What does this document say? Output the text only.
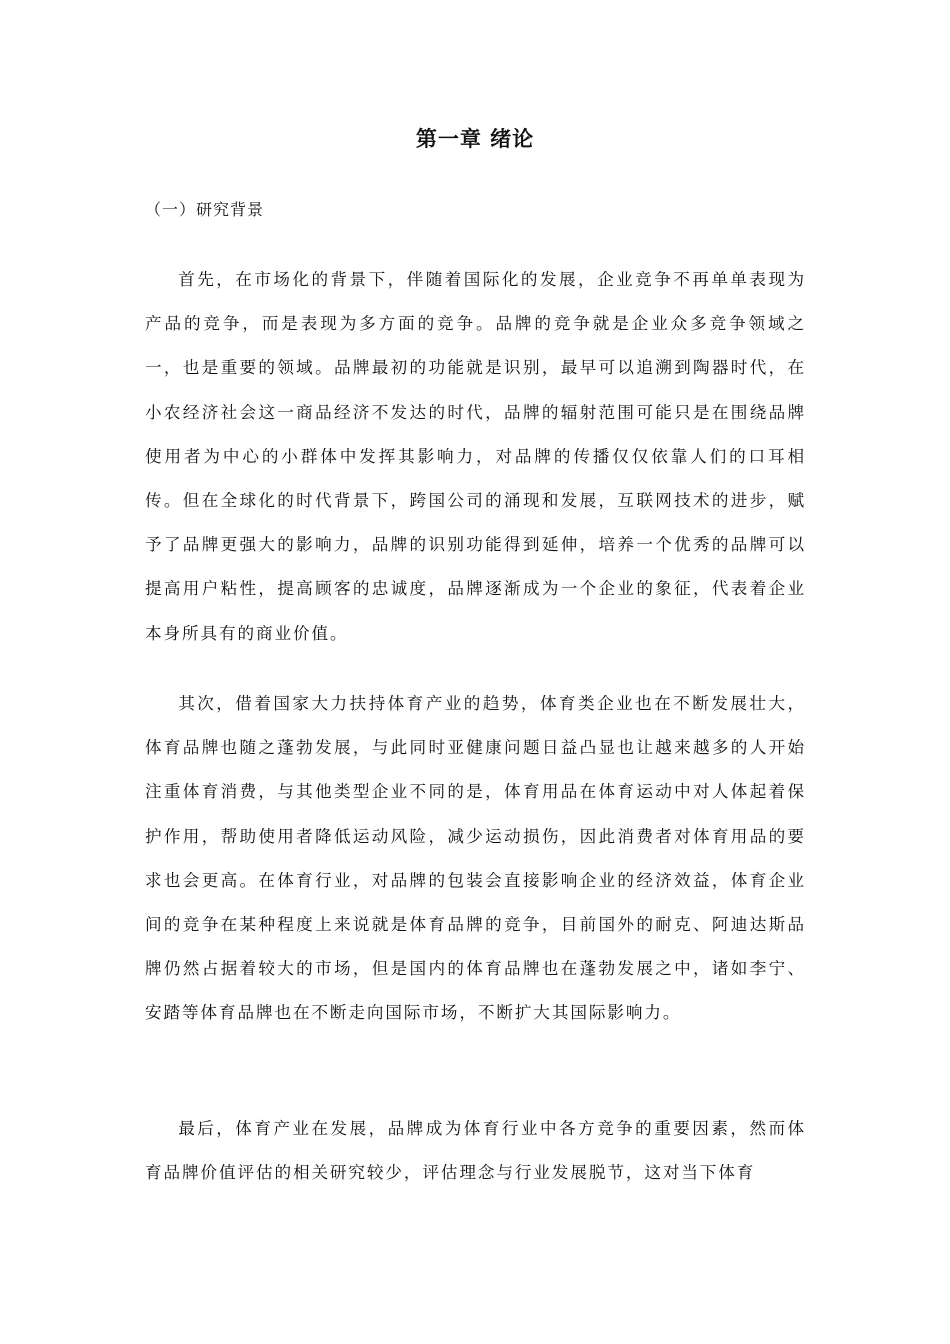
第一章 绪论
（一）研究背景

首先，在市场化的背景下，伴随着国际化的发展，企业竞争不再单单表现为产品的竞争，而是表现为多方面的竞争。品牌的竞争就是企业众多竞争领域之一，也是重要的领域。品牌最初的功能就是识别，最早可以追溯到陶器时代，在小农经济社会这一商品经济不发达的时代，品牌的辐射范围可能只是在围绕品牌使用者为中心的小群体中发挥其影响力，对品牌的传播仅仅依靠人们的口耳相传。但在全球化的时代背景下，跨国公司的涌现和发展，互联网技术的进步，赋予了品牌更强大的影响力，品牌的识别功能得到延伸，培养一个优秀的品牌可以提高用户粘性，提高顾客的忠诚度，品牌逐渐成为一个企业的象征，代表着企业本身所具有的商业价值。

其次，借着国家大力扶持体育产业的趋势，体育类企业也在不断发展壮大，体育品牌也随之蓬勃发展，与此同时亚健康问题日益凸显也让越来越多的人开始注重体育消费，与其他类型企业不同的是，体育用品在体育运动中对人体起着保护作用，帮助使用者降低运动风险，减少运动损伤，因此消费者对体育用品的要求也会更高。在体育行业，对品牌的包装会直接影响企业的经济效益，体育企业间的竞争在某种程度上来说就是体育品牌的竞争，目前国外的耐克、阿迪达斯品牌仍然占据着较大的市场，但是国内的体育品牌也在蓬勃发展之中，诸如李宁、安踏等体育品牌也在不断走向国际市场，不断扩大其国际影响力。

最后，体育产业在发展，品牌成为体育行业中各方竞争的重要因素，然而体育品牌价值评估的相关研究较少，评估理念与行业发展脱节，这对当下体育
